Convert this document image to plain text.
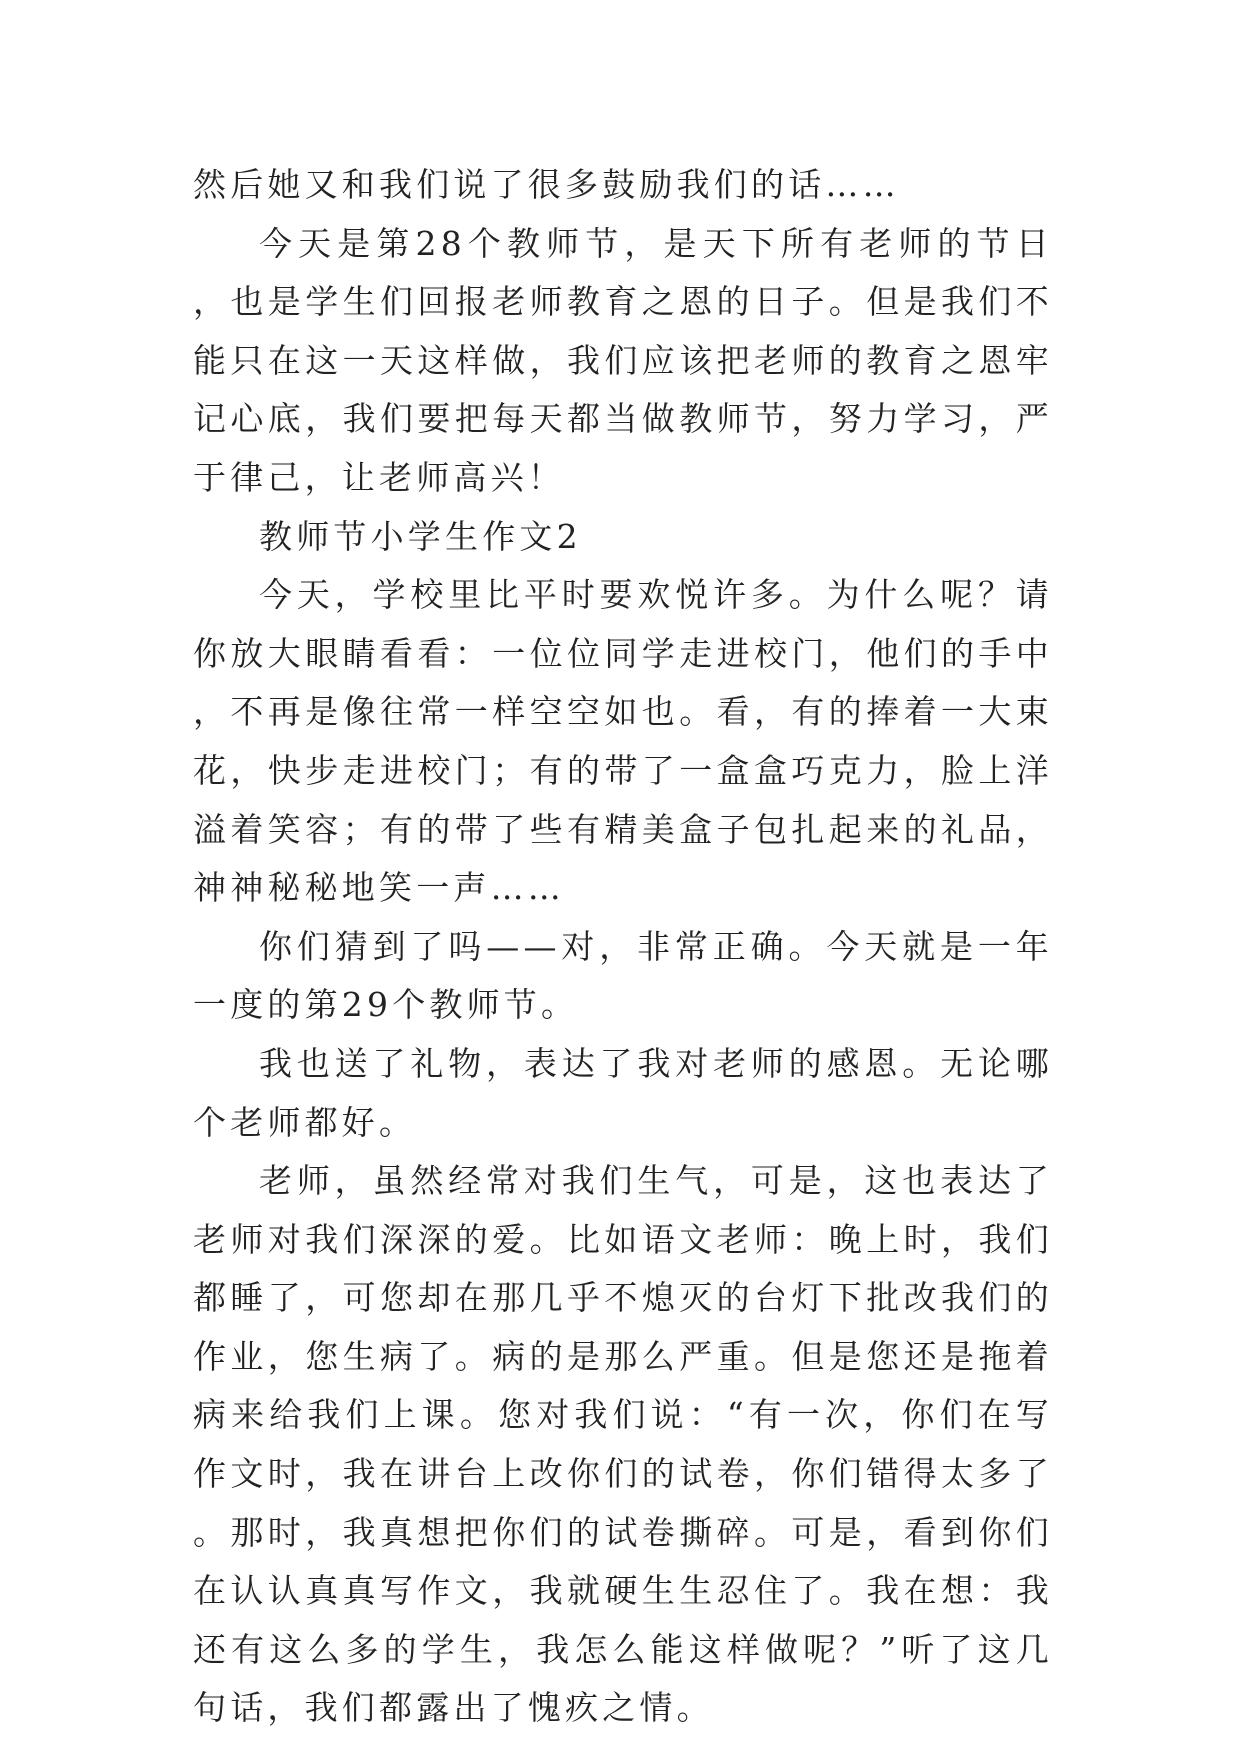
然后她又和我们说了很多鼓励我们的话……

今天是第28个教师节，是天下所有老师的节日，也是学生们回报老师教育之恩的日子。但是我们不能只在这一天这样做，我们应该把老师的教育之恩牢记心底，我们要把每天都当做教师节，努力学习，严于律己，让老师高兴！

教师节小学生作文2

今天，学校里比平时要欢悦许多。为什么呢？请你放大眼睛看看：一位位同学走进校门，他们的手中，不再是像往常一样空空如也。看，有的捧着一大束花，快步走进校门；有的带了一盒盒巧克力，脸上洋溢着笑容；有的带了些有精美盒子包扎起来的礼品，神神秘秘地笑一声……

你们猜到了吗——对，非常正确。今天就是一年一度的第29个教师节。

我也送了礼物，表达了我对老师的感恩。无论哪个老师都好。

老师，虽然经常对我们生气，可是，这也表达了老师对我们深深的爱。比如语文老师：晚上时，我们都睡了，可您却在那几乎不熄灭的台灯下批改我们的作业，您生病了。病的是那么严重。但是您还是拖着病来给我们上课。您对我们说：“有一次，你们在写作文时，我在讲台上改你们的试卷，你们错得太多了。那时，我真想把你们的试卷撕碎。可是，看到你们在认认真真写作文，我就硬生生忍住了。我在想：我还有这么多的学生，我怎么能这样做呢？”听了这几句话，我们都露出了愧疚之情。
